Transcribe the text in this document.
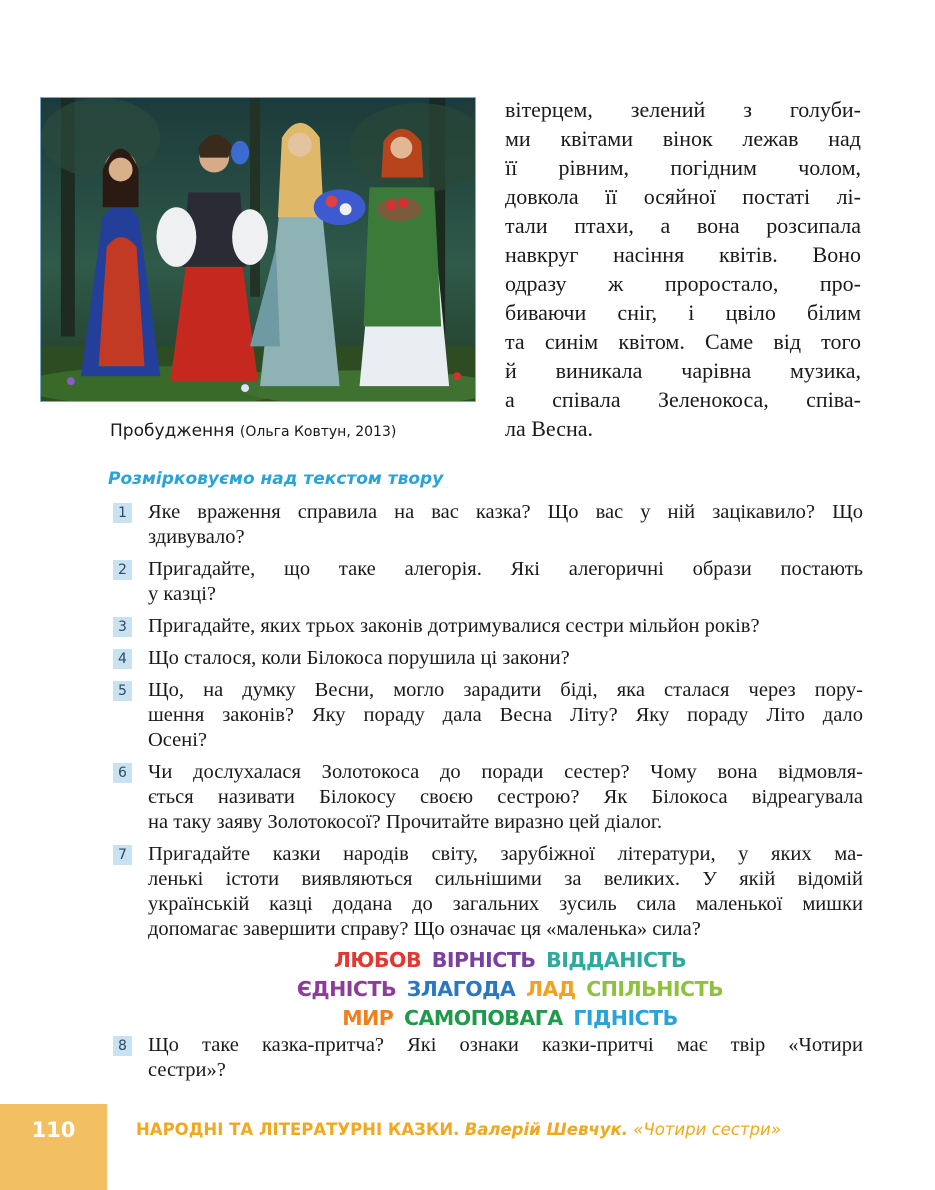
Пробудження (Ольга Ковтун, 2013)
вітерцем, зелений з голуби-
ми квітами вінок лежав над
її рівним, погідним чолом,
довкола її осяйної постаті лі-
тали птахи, а вона розсипала
навкруг насіння квітів. Воно
одразу ж проростало, про-
биваючи сніг, і цвіло білим
та синім квітом. Саме від того
й виникала чарівна музика,
а співала Зеленокоса, співа-
ла Весна.
Розмірковуємо над текстом твору
1 Яке враження справила на вас казка? Що вас у ній зацікавило? Що
здивувало?
2 Пригадайте, що таке алегорія. Які алегоричні образи постають
у казці?
3 Пригадайте, яких трьох законів дотримувалися сестри мільйон років?
4 Що сталося, коли Білокоса порушила ці закони?
5 Що, на думку Весни, могло зарадити біді, яка сталася через пору-
шення законів? Яку пораду дала Весна Літу? Яку пораду Літо дало
Осені?
6 Чи дослухалася Золотокоса до поради сестер? Чому вона відмовля-
ється називати Білокосу своєю сестрою? Як Білокоса відреагувала
на таку заяву Золотокосої? Прочитайте виразно цей діалог.
7 Пригадайте казки народів світу, зарубіжної літератури, у яких ма-
ленькі істоти виявляються сильнішими за великих. У якій відомій
українській казці додана до загальних зусиль сила маленької мишки
допомагає завершити справу? Що означає ця «маленька» сила?
ЛЮБОВ ВІРНІСТЬ ВІДДАНІСТЬ
ЄДНІСТЬ ЗЛАГОДА ЛАД СПІЛЬНІСТЬ
МИР САМОПОВАГА ГІДНІСТЬ
8 Що таке казка-притча? Які ознаки казки-притчі має твір «Чотири
сестри»?
110	НАРОДНІ ТА ЛІТЕРАТУРНІ КАЗКИ. Валерій Шевчук. «Чотири сестри»
